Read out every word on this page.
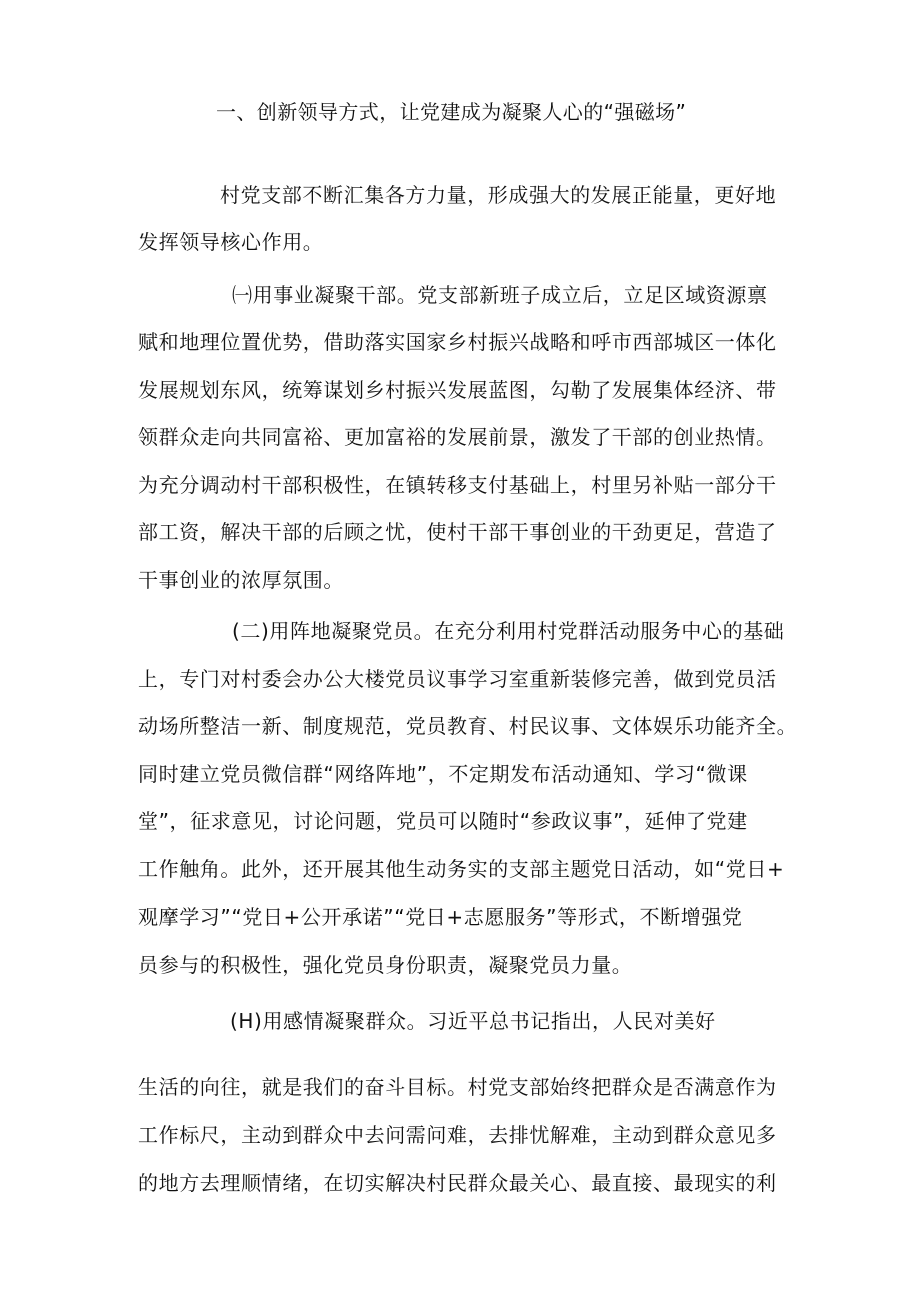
一、创新领导方式，让党建成为凝聚人心的“强磁场”
村党支部不断汇集各方力量，形成强大的发展正能量，更好地
发挥领导核心作用。
㈠用事业凝聚干部。党支部新班子成立后，立足区域资源禀
赋和地理位置优势，借助落实国家乡村振兴战略和呼市西部城区一体化
发展规划东风，统筹谋划乡村振兴发展蓝图，勾勒了发展集体经济、带
领群众走向共同富裕、更加富裕的发展前景，激发了干部的创业热情。
为充分调动村干部积极性，在镇转移支付基础上，村里另补贴一部分干
部工资，解决干部的后顾之忧，使村干部干事创业的干劲更足，营造了
干事创业的浓厚氛围。
(二)用阵地凝聚党员。在充分利用村党群活动服务中心的基础
上，专门对村委会办公大楼党员议事学习室重新装修完善，做到党员活
动场所整洁一新、制度规范，党员教育、村民议事、文体娱乐功能齐全。
同时建立党员微信群“网络阵地”，不定期发布活动通知、学习“微课
堂”，征求意见，讨论问题，党员可以随时“参政议事”，延伸了党建
工作触角。此外，还开展其他生动务实的支部主题党日活动，如“党日+
观摩学习”“党日+公开承诺”“党日+志愿服务”等形式，不断增强党
员参与的积极性，强化党员身份职责，凝聚党员力量。
(H)用感情凝聚群众。习近平总书记指出，人民对美好
生活的向往，就是我们的奋斗目标。村党支部始终把群众是否满意作为
工作标尺，主动到群众中去问需问难，去排忧解难，主动到群众意见多
的地方去理顺情绪，在切实解决村民群众最关心、最直接、最现实的利
